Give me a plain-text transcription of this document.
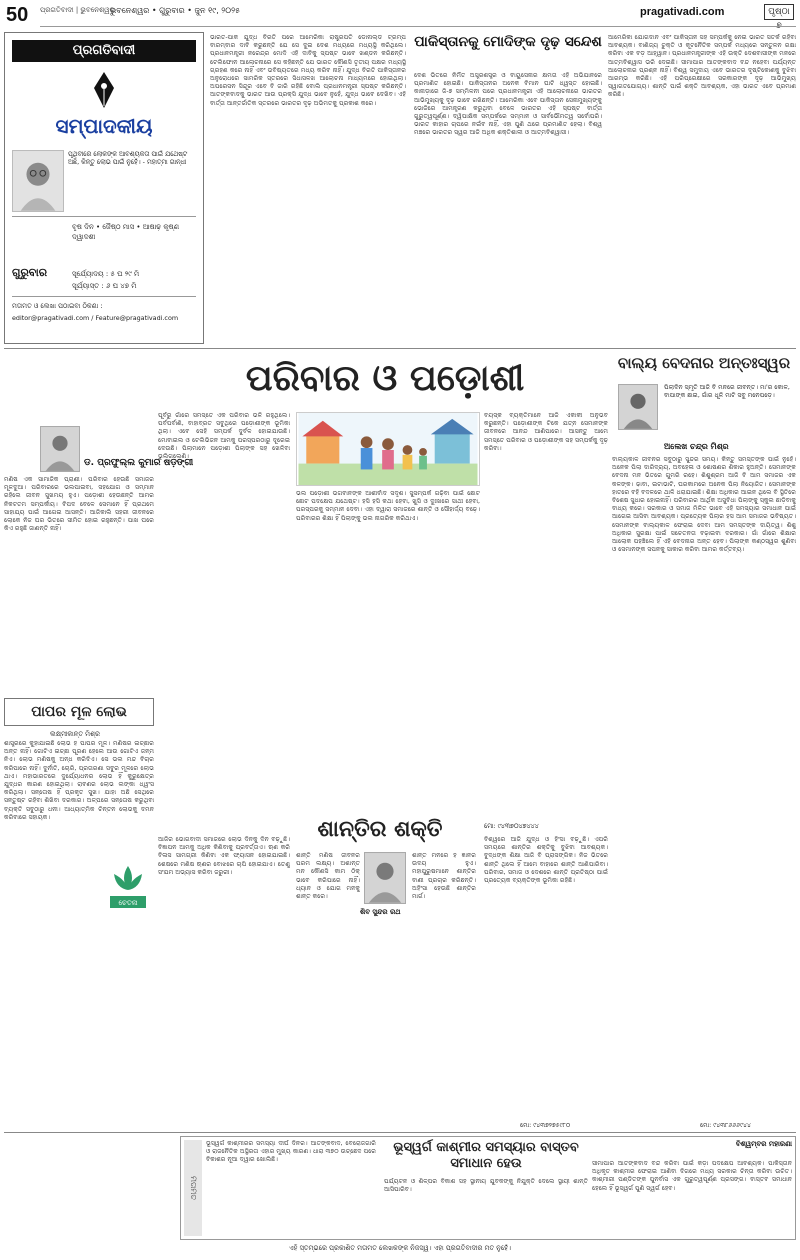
50 ପ୍ରଗତିବାଦୀ | ଭୁବନେଶ୍ୱର
ଭୁବନେଶ୍ୱର • ଗୁରୁବାର • ଜୁନ ୧୯, ୨୦୨୫	pragativadi.com	ପୃଷ୍ଠା
ପ୍ରଗତିବାଦୀ
ସମ୍ପାଦକୀୟ
ପୃଥିବୀରେ ଲୋକଙ୍କ ଆବଶ୍ୟକତା ପାଇଁ ଯଥେଷ୍ଟ ଅଛି, କିନ୍ତୁ ଲୋଭ ପାଇଁ ନୁହେଁ। - ମହାତ୍ମା ଗାନ୍ଧୀ
ବୃଷ ଦିନ • ଜୈଷ୍ଠ ମାସ • ଆଷାଢ଼ କୃଷ୍ଣ ଦ୍ୱାଦଶୀ
ଗୁରୁବାର	ସୂର୍ଯ୍ୟୋଦୟ : ୫ ଘ ୨୯ ମି
ସୂର୍ଯ୍ୟାସ୍ତ : ୬ ଘ ୪୭ ମି
ମତାମତ ଓ ଲେଖା ପଠାଇବା ଠିକଣା :
editor@pragativadi.com / Feature@pragativadi.com
ଭାରତ-ପାକ ଯୁଦ୍ଧ ବିରତି ପରେ ଆମେରିକା ରାଷ୍ଟ୍ରପତି ଡୋନାଲ୍ଡ ଟ୍ରମ୍ପ ବାରମ୍ବାର ଦାବି କରୁଛନ୍ତି ଯେ ସେ ଦୁଇ ଦେଶ ମଧ୍ୟରେ ମଧ୍ୟସ୍ଥି କରିଥିଲେ। ପ୍ରଧାନମନ୍ତ୍ରୀ ନରେନ୍ଦ୍ର ମୋଦି ଏହି ଦାବିକୁ ସ୍ପଷ୍ଟ ଭାବେ ଖଣ୍ଡନ କରିଛନ୍ତି। ଟେଲିଫୋନ ଆଲୋଚନାରେ ସେ କହିଛନ୍ତି ଯେ ଭାରତ କୌଣସି ତୃତୀୟ ପକ୍ଷର ମଧ୍ୟସ୍ଥି ଗ୍ରହଣ କରେ ନାହିଁ ଏବଂ ଭବିଷ୍ୟତରେ ମଧ୍ୟ କରିବ ନାହିଁ। ଯୁଦ୍ଧ ବିରତି ପାକିସ୍ତାନର ଅନୁରୋଧରେ ସାମରିକ ସ୍ତରରେ ସିଧାସଳଖ ଆଲୋଚନା ମାଧ୍ୟମରେ ହୋଇଥିଲା। ଅପରେସନ ସିନ୍ଦୂର ଏବେ ବି ଜାରି ରହିଛି ବୋଲି ପ୍ରଧାନମନ୍ତ୍ରୀ ସ୍ପଷ୍ଟ କରିଛନ୍ତି। ଆତଙ୍କବାଦକୁ ଭାରତ ଆଉ ପ୍ରକ୍ସି ଯୁଦ୍ଧ ଭାବେ ନୁହେଁ, ଯୁଦ୍ଧ ଭାବେ ଦେଖିବ। ଏହି ବାର୍ତ୍ତା ଆନ୍ତର୍ଜାତିକ ସ୍ତରରେ ଭାରତର ଦୃଢ଼ ଅଭିମତକୁ ପ୍ରକାଶ କରେ।
ପାକିସ୍ତାନକୁ ମୋଦିଙ୍କ ଦୃଢ଼ ସନ୍ଦେଶ
ଦେଶ ଭିତରେ ନିର୍ମିତ ଅସ୍ତ୍ରଶସ୍ତ୍ର ଓ ବାୟୁସେନାର କ୍ଷମତା ଏହି ଅଭିଯାନରେ ପ୍ରମାଣିତ ହୋଇଛି। ପାକିସ୍ତାନର ଅନେକ ବିମାନ ଘାଟି ଧ୍ୱସ୍ତ ହୋଇଛି। କାନାଡ଼ାରେ ଜି-୭ ସମ୍ମିଳନୀ ପରେ ପ୍ରଧାନମନ୍ତ୍ରୀ ଏହି ଆଲୋଚନାରେ ଭାରତର ଆଭିମୁଖ୍ୟକୁ ଦୃଢ଼ ଭାବେ ରଖିଛନ୍ତି। ଆମେରିକା ଏବେ ପାକିସ୍ତାନ ସେନାମୁଖ୍ୟଙ୍କୁ ଭୋଜିରେ ଆମନ୍ତ୍ରଣ କରୁଥିବା ବେଳେ ଭାରତର ଏହି ସ୍ପଷ୍ଟ ବାର୍ତ୍ତା ଗୁରୁତ୍ୱପୂର୍ଣ୍ଣ। ଦ୍ୱିପାକ୍ଷିକ ସମ୍ପର୍କରେ ସମ୍ମାନ ଓ ସାର୍ବଭୌମତ୍ୱ ସର୍ବୋପରି। ଭାରତ କାହାର ଚାପରେ ନଇଁବ ନାହିଁ, ଏହା ପୁଣି ଥରେ ପ୍ରମାଣିତ ହେଲା। ବିଶ୍ୱ ମଞ୍ଚରେ ଭାରତର ସ୍ୱର ଆଜି ଅଧିକ ଶକ୍ତିଶାଳୀ ଓ ଆତ୍ମବିଶ୍ୱାସୀ।
ଆମେରିକା ଯୋଗଦାନ ଏବଂ ପାକିସ୍ତାନ ସହ ସମ୍ପର୍କକୁ ନେଇ ଭାରତ ସତର୍କ ରହିବା ଆବଶ୍ୟକ। ବାଣିଜ୍ୟ ଚୁକ୍ତି ଓ କୂଟନୈତିକ ସମ୍ପର୍କ ମଧ୍ୟରେ ସନ୍ତୁଳନ ରକ୍ଷା କରିବା ଏକ ବଡ଼ ଆହ୍ୱାନ। ପ୍ରଧାନମନ୍ତ୍ରୀଙ୍କ ଏହି ଉକ୍ତି ଦେଶବାସୀଙ୍କ ମନରେ ଆତ୍ମବିଶ୍ୱାସ ଭରି ଦେଇଛି। ସୀମାପାର ଆତଙ୍କବାଦ ବନ୍ଦ ନହେବା ପର୍ଯ୍ୟନ୍ତ ଆଲୋଚନାର ପ୍ରଶ୍ନ ନାହିଁ। ବିଶ୍ୱ ସମୁଦାୟ ଏବେ ଭାରତର ଦୃଷ୍ଟିକୋଣକୁ ବୁଝିବା ଆରମ୍ଭ କରିଛି। ଏହି ପରିପ୍ରେକ୍ଷୀରେ ସରକାରଙ୍କ ଦୃଢ଼ ଆଭିମୁଖ୍ୟ ସ୍ୱାଗତଯୋଗ୍ୟ। ଶାନ୍ତି ପାଇଁ ଶକ୍ତି ଆବଶ୍ୟକ, ଏହା ଭାରତ ଏବେ ପ୍ରମାଣ କରିଛି।
ପରିବାର ଓ ପଡ଼ୋଶୀ
ମଣିଷ ଏକ ସାମାଜିକ ପ୍ରାଣୀ। ପରିବାର ହେଉଛି ସମାଜର ମୂଳଦୁଆ। ପରିବାରରେ ଭଲପାଇବା, ସହଯୋଗ ଓ ସମ୍ମାନ ରହିଲେ ଜୀବନ ସୁଖମୟ ହୁଏ। ପଡ଼ୋଶୀ ହେଉଛନ୍ତି ଆମର ନିକଟତମ ସମ୍ପର୍କୀୟ। ବିପଦ ବେଳେ ସେମାନେ ହିଁ ପ୍ରଥମେ ସାହାଯ୍ୟ ପାଇଁ ଆଗେଇ ଆସନ୍ତି। ଆଜିକାଲି ସହରୀ ଜୀବନରେ ଲୋକେ ନିଜ ଘର ଭିତରେ ସୀମିତ ହୋଇ ରହୁଛନ୍ତି। ପାଖ ଘରେ କିଏ ରହୁଛି ଜାଣନ୍ତି ନାହିଁ।
ଡ. ପ୍ରଫୁଲ୍ଲ କୁମାର ଷଡ଼ଙ୍ଗୀ
ପୂର୍ବରୁ ଗାଁରେ ସମସ୍ତେ ଏକ ପରିବାର ଭଳି ରହୁଥିଲେ। ପର୍ବପର୍ବାଣି, ବାହାବ୍ରତ ସବୁଥିରେ ପଡ଼ୋଶୀଙ୍କ ଭୂମିକା ଥିଲା। ଏବେ ସେହି ସମ୍ପର୍କ ଦୁର୍ବଳ ହୋଇଯାଉଛି। ମୋବାଇଲ ଓ ଟେଲିଭିଜନ ଆମକୁ ପରସ୍ପରଠାରୁ ଦୂରେଇ ଦେଉଛି। ପିଲାମାନେ ପଡ଼ୋଶୀ ପିଲାଙ୍କ ସହ ଖେଳିବା ଭୁଲିଗଲେଣି।
ଭଲ ପଡ଼ୋଶୀ ଭଗବାନଙ୍କ ଆଶୀର୍ବାଦ ସଦୃଶ। ସୁସମ୍ପର୍କ ଗଢ଼ିବା ପାଇଁ ଛୋଟ ଛୋଟ ପଦକ୍ଷେପ ଯଥେଷ୍ଟ। ହସି ହସି କଥା ହେବା, ଖୁସି ଓ ଦୁଃଖରେ ସାଥୀ ହେବା, ପରସ୍ପରକୁ ସମ୍ମାନ ଦେବା। ଏହା ଦ୍ୱାରା ସମାଜରେ ଶାନ୍ତି ଓ ସୌହାର୍ଦ୍ଦ୍ୟ ବଢ଼େ। ପରିବାରର ଶିକ୍ଷା ହିଁ ପିଲାଙ୍କୁ ଭଲ ନାଗରିକ କରିଥାଏ।
ବୟସ୍କ ବ୍ୟକ୍ତିମାନେ ଆଜି ଏକାକୀ ଅନୁଭବ କରୁଛନ୍ତି। ପଡ଼ୋଶୀଙ୍କ ଟିକେ ଯତ୍ନ ସେମାନଙ୍କ ଜୀବନରେ ଆନନ୍ଦ ଆଣିପାରେ। ଆସନ୍ତୁ ଆମେ ସମସ୍ତେ ପରିବାର ଓ ପଡ଼ୋଶୀଙ୍କ ସହ ସମ୍ପର୍କକୁ ଦୃଢ଼ କରିବା।
ମୋ: ୯୪୩୭୦୪୭୪୪୪
ବାଲ୍ୟ ବେଦନାର ଅନ୍ତଃସ୍ୱର
ପିଲାଦିନ ସ୍ମୃତି ଆଜି ବି ମନରେ ଜୀବନ୍ତ। ମା'ର କୋଳ, ବାପାଙ୍କ ଛାଇ, ଗାଁର ଧୂଳି ମାଟି ସବୁ ମନେପଡ଼େ।
ଅଲେଖ ଚନ୍ଦ୍ର ମିଶ୍ର
ବାଲ୍ୟକାଳ ଜୀବନର ସବୁଠାରୁ ସୁନ୍ଦର ସମୟ। କିନ୍ତୁ ସମସ୍ତଙ୍କ ପାଇଁ ନୁହେଁ। ଅନେକ ପିଲା ଦାରିଦ୍ର୍ୟ, ଅବହେଳା ଓ ଶୋଷଣର ଶିକାର ହୁଅନ୍ତି। ସେମାନଙ୍କ ବେଦନା ମନ ଭିତରେ ଗୁମରି ରହେ। ଶିଶୁଶ୍ରମ ଆଜି ବି ଆମ ସମାଜର ଏକ କଳଙ୍କ। ଢାବା, ଇଟାଭାଟି, ଘରକାମରେ ଅନେକ ପିଲା ନିୟୋଜିତ। ସେମାନଙ୍କ ହାତରେ ବହି ବଦଳରେ ଥାଳି ଧରାଯାଇଛି। ଶିକ୍ଷା ଅଧିକାର ଆଇନ ଥିଲେ ବି ସ୍ଥିତିରେ ବିଶେଷ ସୁଧାର ହୋଇନାହିଁ। ପରିବାରର ଆର୍ଥିକ ଅସୁବିଧା ପିଲାଙ୍କୁ ସ୍କୁଲ ଛାଡ଼ିବାକୁ ବାଧ୍ୟ କରେ। ସରକାର ଓ ସମାଜ ମିଳିତ ଭାବେ ଏହି ସମସ୍ୟାର ସମାଧାନ ପାଇଁ ଆଗେଇ ଆସିବା ଆବଶ୍ୟକ। ପ୍ରତ୍ୟେକ ପିଲାର ହସ ଆମ ସମାଜର ଭବିଷ୍ୟତ। ସେମାନଙ୍କ ବାଲ୍ୟକାଳ ଫେରାଇ ଦେବା ଆମ ସମସ୍ତଙ୍କ ଦାୟିତ୍ୱ। ଶିଶୁ ଅଧିକାର ସୁରକ୍ଷା ପାଇଁ ସଚେତନତା ବଢ଼ାଇବା ଦରକାର। ଗାଁ ଗାଁରେ ଶିକ୍ଷାର ଆଲୋକ ପହଞ୍ଚିଲେ ହିଁ ଏହି ବେଦନାର ଅନ୍ତ ହେବ। ପିଲାଙ୍କ କଣ୍ଠସ୍ୱର ଶୁଣିବା ଓ ସେମାନଙ୍କ ସପନକୁ ସାକାର କରିବା ଆମର କର୍ତ୍ତବ୍ୟ।
ମୋ: ୯୪୩୮୬୬୬୯୪୪
ପାପର ମୂଳ ଲୋଭ
ଲକ୍ଷ୍ମୀକାନ୍ତ ମିଶ୍ର
ଶାସ୍ତ୍ରରେ କୁହାଯାଇଛି ଲୋଭ ହିଁ ପାପର ମୂଳ। ମଣିଷର ଇଚ୍ଛାର ଅନ୍ତ ନାହିଁ। ଗୋଟିଏ ଇଚ୍ଛା ପୂରଣ ହେଲେ ଆଉ ଗୋଟିଏ ଜନ୍ମ ନିଏ। ଲୋଭ ମଣିଷକୁ ଅନ୍ଧ କରିଦିଏ। ସେ ଭଲ ମନ୍ଦ ବିଚାର କରିପାରେ ନାହିଁ। ଦୁର୍ନୀତି, ଚୋରି, ପ୍ରତାରଣା ସବୁର ମୂଳରେ ଲୋଭ ଥାଏ। ମହାଭାରତରେ ଦୁର୍ଯ୍ୟୋଧନର ଲୋଭ ହିଁ କୁରୁକ୍ଷେତ୍ର ଯୁଦ୍ଧର କାରଣ ହୋଇଥିଲା। ରାବଣର ଲୋଭ ଲଙ୍କା ଧ୍ୱଂସ କରିଥିଲା। ସନ୍ତୋଷ ହିଁ ପ୍ରକୃତ ସୁଖ। ଯାହା ଅଛି ସେଥିରେ ସନ୍ତୁଷ୍ଟ ରହିବା ଶିଖିବା ଦରକାର। ଅଳ୍ପରେ ସନ୍ତୋଷ କରୁଥିବା ବ୍ୟକ୍ତି ସବୁଠାରୁ ଧନୀ। ଆଧ୍ୟାତ୍ମିକ ଚିନ୍ତନ ଲୋଭକୁ ଦମନ କରିବାରେ ସହାୟକ।
ଚେତନା
ଆଜିର ଭୋଗବାଦୀ ସମାଜରେ ଲୋଭ ଦିନକୁ ଦିନ ବଢ଼ୁଛି। ବିଜ୍ଞାପନ ଆମକୁ ଅଧିକ କିଣିବାକୁ ପ୍ରବର୍ତ୍ତାଏ। ଋଣ କରି ବିଳାସ ସାମଗ୍ରୀ କିଣିବା ଏକ ଫ୍ୟାସନ ହୋଇଯାଇଛି। ଶେଷରେ ମଣିଷ ଋଣର ବୋଝରେ ଚାପି ହୋଇଯାଏ। ତେଣୁ ସଂଯମ ଅଭ୍ୟାସ କରିବା ଜରୁରୀ।
ଶାନ୍ତିର ଶକ୍ତି
ଶାନ୍ତି ମଣିଷ ଜୀବନର ପରମ ଲକ୍ଷ୍ୟ। ଅଶାନ୍ତ ମନ କୌଣସି କାମ ଠିକ୍ ଭାବେ କରିପାରେ ନାହିଁ। ଧ୍ୟାନ ଓ ଯୋଗ ମନକୁ ଶାନ୍ତ କରେ।
ଶିବ ସୁନ୍ଦର ରଥ
ଶାନ୍ତ ମନରେ ହିଁ ଜ୍ଞାନର ଉଦୟ ହୁଏ। ମହାପୁରୁଷମାନେ ଶାନ୍ତିର ବାଣୀ ପ୍ରଚାର କରିଛନ୍ତି। ଅହିଂସା ହେଉଛି ଶାନ୍ତିର ମାର୍ଗ।
ବିଶ୍ୱରେ ଆଜି ଯୁଦ୍ଧ ଓ ହିଂସା ବଢ଼ୁଛି। ଏପରି ସମୟରେ ଶାନ୍ତିର ଶକ୍ତିକୁ ବୁଝିବା ଆବଶ୍ୟକ। ବୁଦ୍ଧଙ୍କ ଶିକ୍ଷା ଆଜି ବି ପ୍ରାସଙ୍ଗିକ। ନିଜ ଭିତରେ ଶାନ୍ତି ଥିଲେ ହିଁ ଆମେ ବାହାରେ ଶାନ୍ତି ଆଣିପାରିବା। ପରିବାର, ସମାଜ ଓ ଦେଶରେ ଶାନ୍ତି ପ୍ରତିଷ୍ଠା ପାଇଁ ପ୍ରତ୍ୟେକ ବ୍ୟକ୍ତିଙ୍କ ଭୂମିକା ରହିଛି।
ମୋ: ୯୪୩୭୨୭୫୯୮୦
ମତାମତ
ଭୂସ୍ୱର୍ଗ କାଶ୍ମୀରର ସମସ୍ୟା ଦୀର୍ଘ ଦିନର। ଆତଙ୍କବାଦ, ବେରୋଜଗାରି ଓ ରାଜନୈତିକ ଅସ୍ଥିରତା ଏହାର ମୁଖ୍ୟ କାରଣ। ଧାରା ୩୭୦ ଉଚ୍ଛେଦ ପରେ ବିକାଶର ନୂଆ ଦ୍ୱାର ଖୋଲିଛି।
ଭୂସ୍ୱର୍ଗ କାଶ୍ମୀର ସମସ୍ୟାର ବାସ୍ତବ ସମାଧାନ ହେଉ
ପର୍ଯ୍ୟଟନ ଓ ଶିଳ୍ପର ବିକାଶ ସହ ସ୍ଥାନୀୟ ଯୁବକଙ୍କୁ ନିଯୁକ୍ତି ଦେଲେ ସ୍ଥାୟୀ ଶାନ୍ତି ଆସିପାରିବ।
ବିଶ୍ୱମ୍ବର ମହାରଣା
ସୀମାପାର ଆତଙ୍କବାଦ ବନ୍ଦ କରିବା ପାଇଁ କଡ଼ା ପଦକ୍ଷେପ ଆବଶ୍ୟକ। ପାକିସ୍ତାନ ଅଧିକୃତ କାଶ୍ମୀର ଫେରାଇ ଆଣିବା ଦିଗରେ ମଧ୍ୟ ସରକାର ଚିନ୍ତା କରିବା ଉଚିତ। କାଶ୍ମୀରୀ ପଣ୍ଡିତଙ୍କ ପୁନର୍ବାସ ଏକ ଗୁରୁତ୍ୱପୂର୍ଣ୍ଣ ପ୍ରସଙ୍ଗ। ବାସ୍ତବ ସମାଧାନ ହେଲେ ହିଁ ଭୂସ୍ୱର୍ଗ ପୁଣି ସ୍ୱର୍ଗ ହେବ।
ଏହି ସ୍ତମ୍ଭରେ ପ୍ରକାଶିତ ମତାମତ ଲେଖକଙ୍କ ନିଜସ୍ୱ। ଏହା ପ୍ରଗତିବାଦୀର ମତ ନୁହେଁ।
